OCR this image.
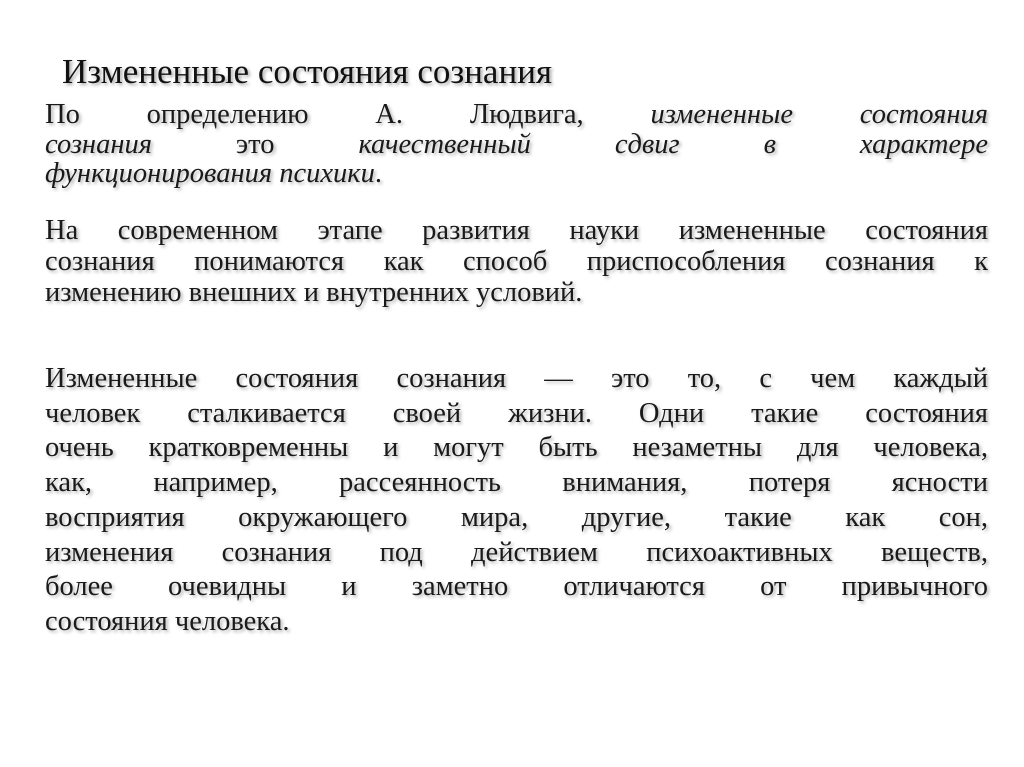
Измененные состояния сознания
По определению А. Людвига, измененные состояния
сознания	это качественный сдвиг в характере
функционирования психики.
На современном этапе развития науки измененные состояния
сознания понимаются как способ приспособления сознания к
изменению внешних и внутренних условий.
Измененные состояния сознания — это то, с чем каждый
человек сталкивается своей жизни. Одни такие состояния
очень кратковременны и могут быть незаметны для человека,
как, например, рассеянность внимания, потеря ясности
восприятия окружающего мира, другие, такие как сон,
изменения сознания под действием психоактивных веществ,
более очевидны и заметно отличаются от привычного
состояния человека.
